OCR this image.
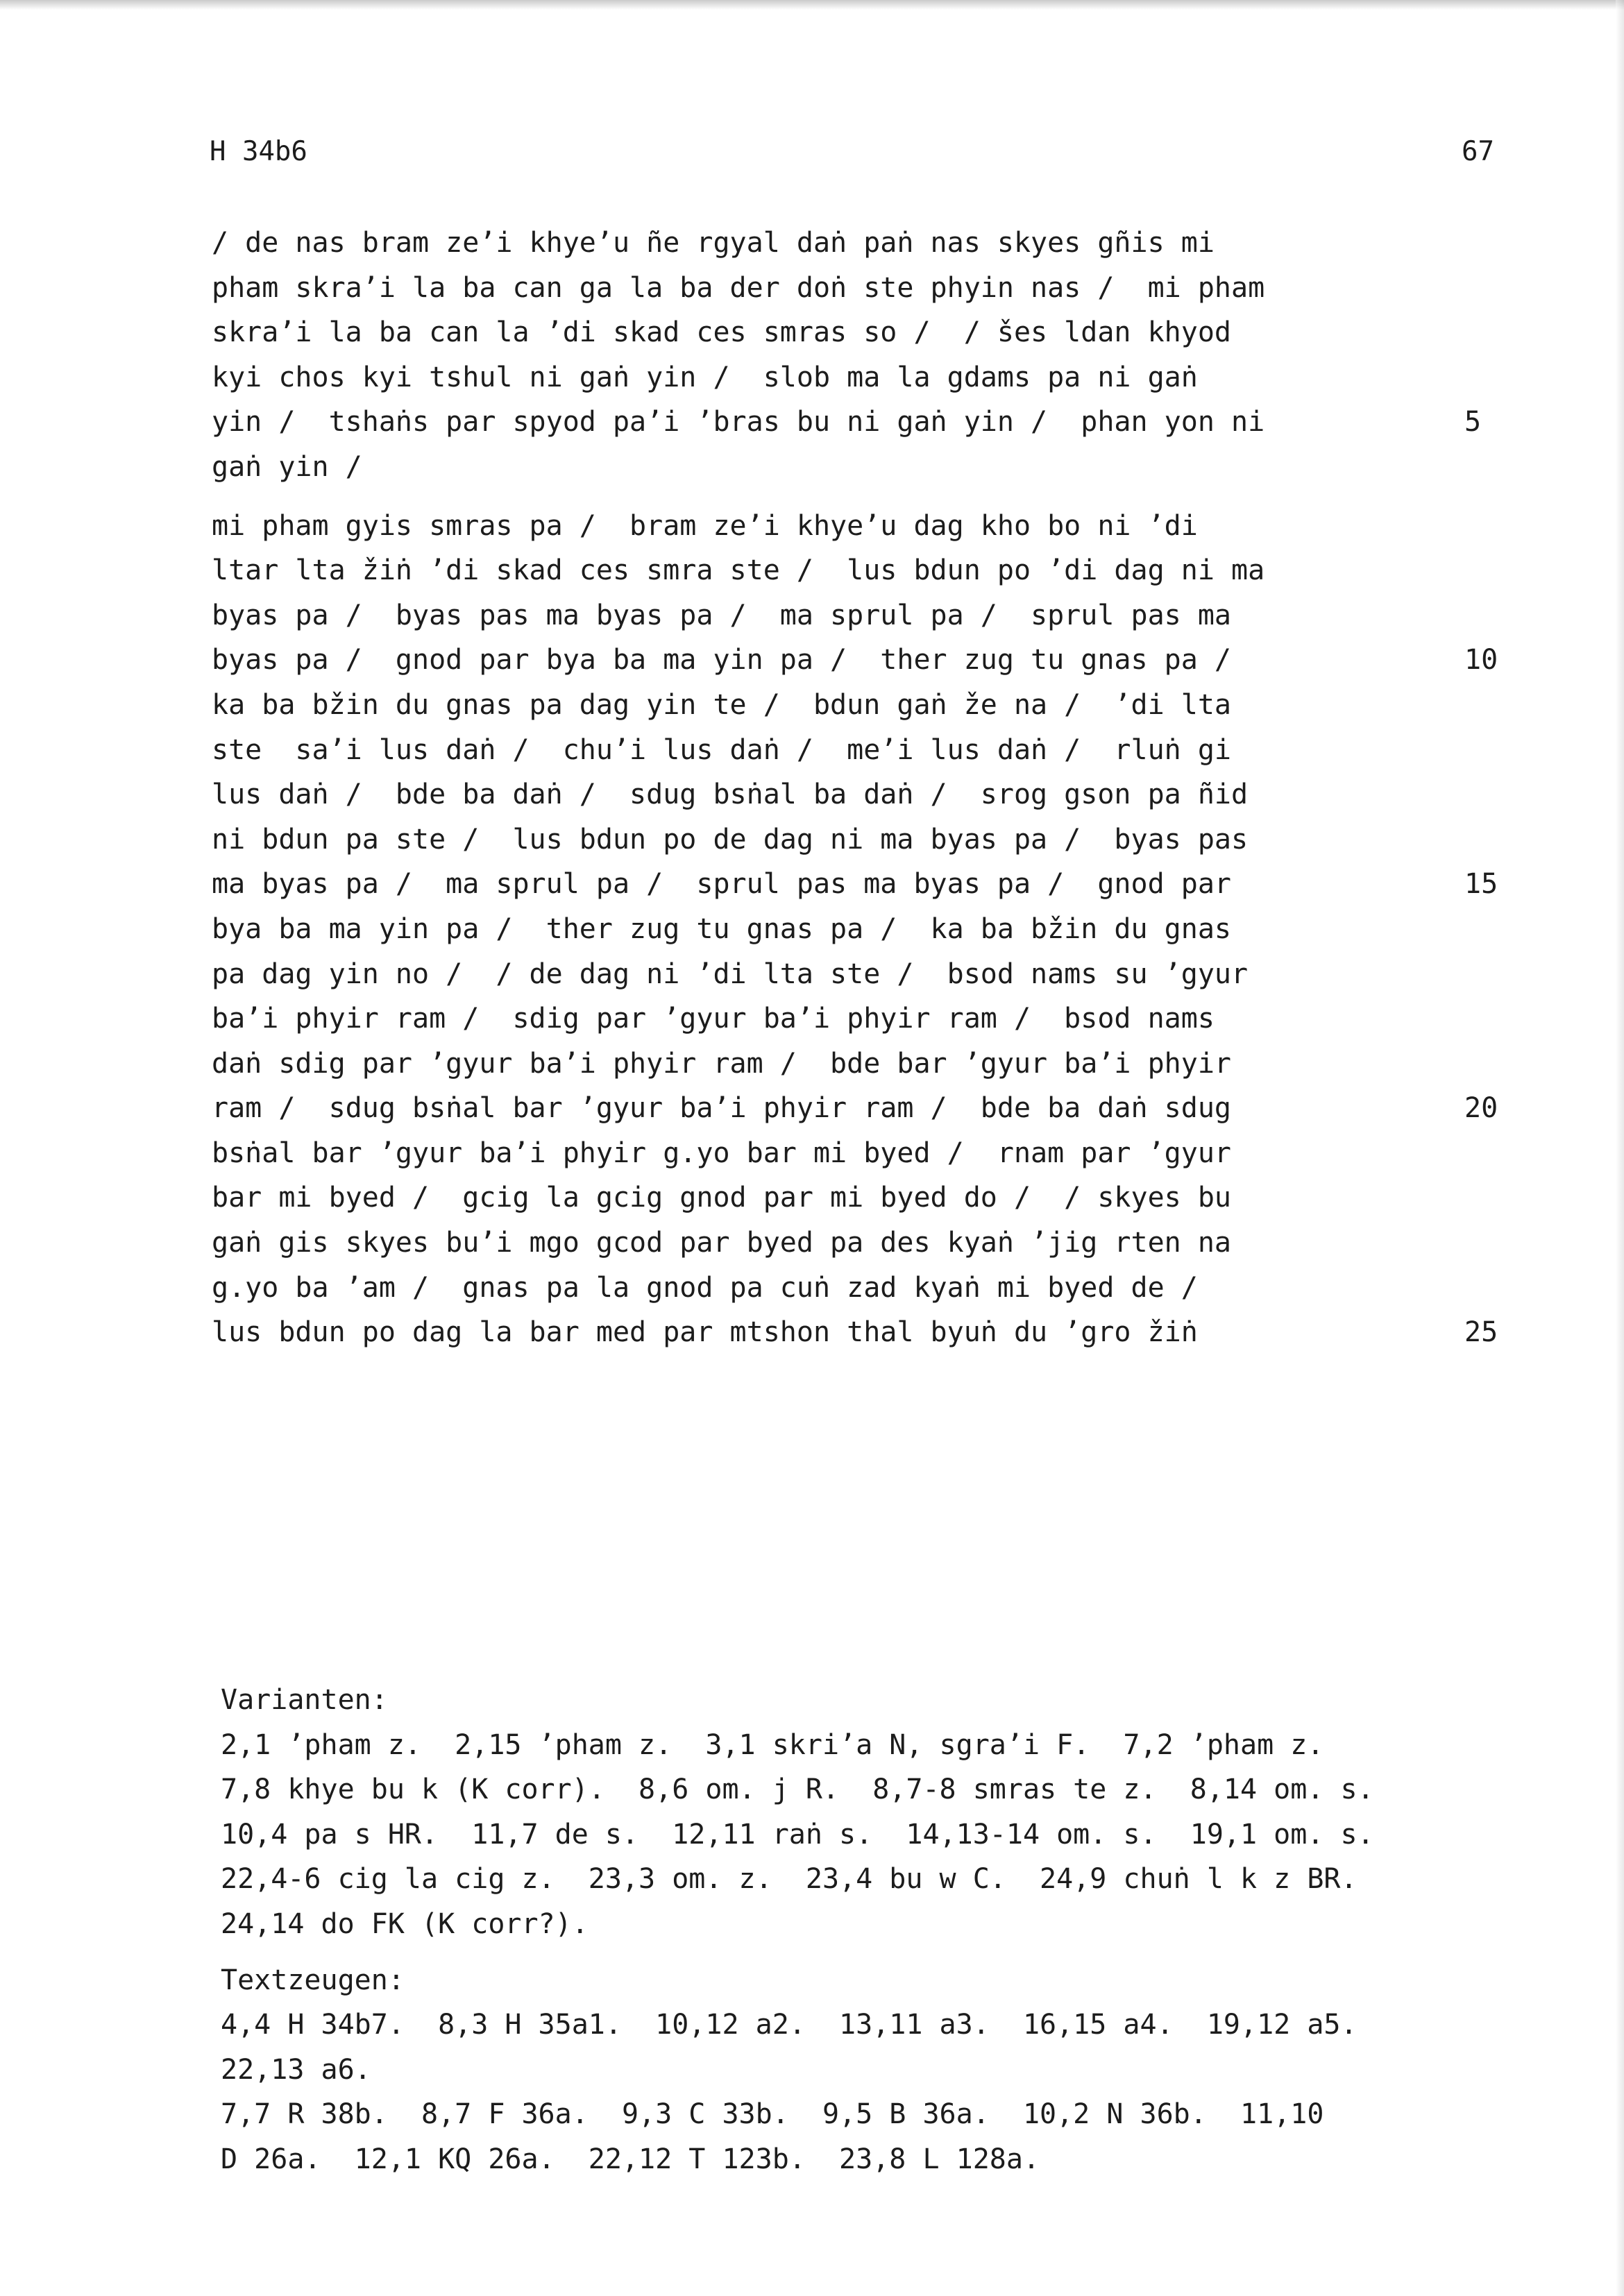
H 34b6	67
/ de nas bram ze’i khye’u ñe rgyal daṅ paṅ nas skyes gñis mi
pham skra’i la ba can ga la ba der doṅ ste phyin nas /  mi pham
skra’i la ba can la ’di skad ces smras so /  / šes ldan khyod
kyi chos kyi tshul ni gaṅ yin /  slob ma la gdams pa ni gaṅ
yin /  tshaṅs par spyod pa’i ’bras bu ni gaṅ yin /  phan yon ni
gaṅ yin /
mi pham gyis smras pa /  bram ze’i khye’u dag kho bo ni ’di
ltar lta žiṅ ’di skad ces smra ste /  lus bdun po ’di dag ni ma
byas pa /  byas pas ma byas pa /  ma sprul pa /  sprul pas ma
byas pa /  gnod par bya ba ma yin pa /  ther zug tu gnas pa /
ka ba bžin du gnas pa dag yin te /  bdun gaṅ že na /  ’di lta
ste  sa’i lus daṅ /  chu’i lus daṅ /  me’i lus daṅ /  rluṅ gi
lus daṅ /  bde ba daṅ /  sdug bsṅal ba daṅ /  srog gson pa ñid
ni bdun pa ste /  lus bdun po de dag ni ma byas pa /  byas pas
ma byas pa /  ma sprul pa /  sprul pas ma byas pa /  gnod par
bya ba ma yin pa /  ther zug tu gnas pa /  ka ba bžin du gnas
pa dag yin no /  / de dag ni ’di lta ste /  bsod nams su ’gyur
ba’i phyir ram /  sdig par ’gyur ba’i phyir ram /  bsod nams
daṅ sdig par ’gyur ba’i phyir ram /  bde bar ’gyur ba’i phyir
ram /  sdug bsṅal bar ’gyur ba’i phyir ram /  bde ba daṅ sdug
bsṅal bar ’gyur ba’i phyir g.yo bar mi byed /  rnam par ’gyur
bar mi byed /  gcig la gcig gnod par mi byed do /  / skyes bu
gaṅ gis skyes bu’i mgo gcod par byed pa des kyaṅ ’jig rten na
g.yo ba ’am /  gnas pa la gnod pa cuṅ zad kyaṅ mi byed de /
lus bdun po dag la bar med par mtshon thal byuṅ du ’gro žiṅ
5
10
15
20
25
Varianten:
2,1 ’pham z.  2,15 ’pham z.  3,1 skri’a N, sgra’i F.  7,2 ’pham z.
7,8 khye bu k (K corr).  8,6 om. j R.  8,7-8 smras te z.  8,14 om. s.
10,4 pa s HR.  11,7 de s.  12,11 raṅ s.  14,13-14 om. s.  19,1 om. s.
22,4-6 cig la cig z.  23,3 om. z.  23,4 bu w C.  24,9 chuṅ l k z BR.
24,14 do FK (K corr?).
Textzeugen:
4,4 H 34b7.  8,3 H 35a1.  10,12 a2.  13,11 a3.  16,15 a4.  19,12 a5.
22,13 a6.
7,7 R 38b.  8,7 F 36a.  9,3 C 33b.  9,5 B 36a.  10,2 N 36b.  11,10
D 26a.  12,1 KQ 26a.  22,12 T 123b.  23,8 L 128a.
